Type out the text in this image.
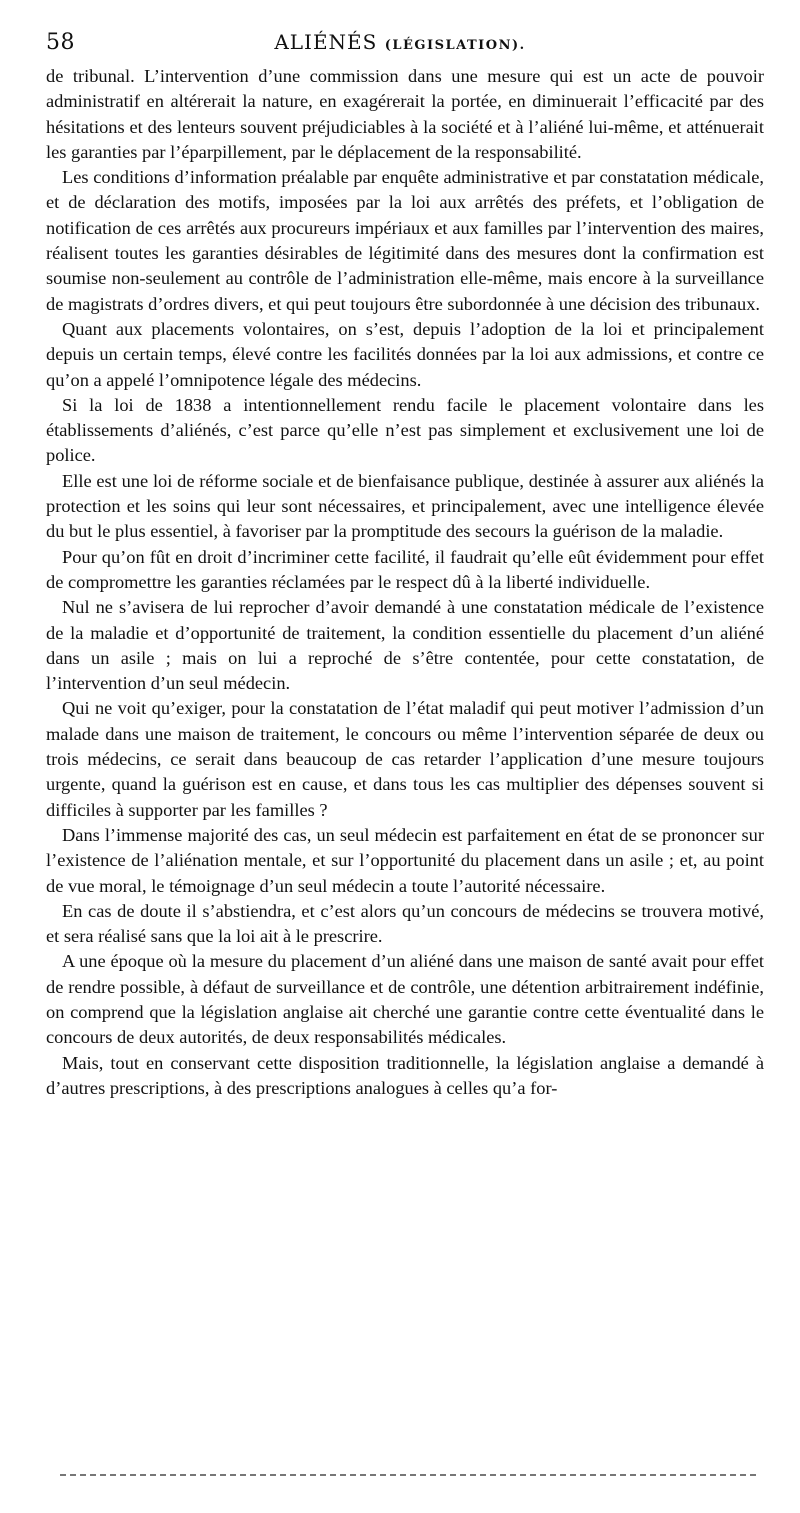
58	ALIÉNÉS (LÉGISLATION).

de tribunal. L’intervention d’une commission dans une mesure qui est un acte de pouvoir administratif en altérerait la nature, en exagérerait la portée, en diminuerait l’efficacité par des hésitations et des lenteurs souvent préjudiciables à la société et à l’aliéné lui-même, et atténuerait les garanties par l’éparpillement, par le déplacement de la responsabilité.

Les conditions d’information préalable par enquête administrative et par constatation médicale, et de déclaration des motifs, imposées par la loi aux arrêtés des préfets, et l’obligation de notification de ces arrêtés aux procureurs impériaux et aux familles par l’intervention des maires, réalisent toutes les garanties désirables de légitimité dans des mesures dont la confirmation est soumise non-seulement au contrôle de l’administration elle-même, mais encore à la surveillance de magistrats d’ordres divers, et qui peut toujours être subordonnée à une décision des tribunaux.

Quant aux placements volontaires, on s’est, depuis l’adoption de la loi et principalement depuis un certain temps, élevé contre les facilités données par la loi aux admissions, et contre ce qu’on a appelé l’omnipotence légale des médecins.

Si la loi de 1838 a intentionnellement rendu facile le placement volontaire dans les établissements d’aliénés, c’est parce qu’elle n’est pas simplement et exclusivement une loi de police.

Elle est une loi de réforme sociale et de bienfaisance publique, destinée à assurer aux aliénés la protection et les soins qui leur sont nécessaires, et principalement, avec une intelligence élevée du but le plus essentiel, à favoriser par la promptitude des secours la guérison de la maladie.

Pour qu’on fût en droit d’incriminer cette facilité, il faudrait qu’elle eût évidemment pour effet de compromettre les garanties réclamées par le respect dû à la liberté individuelle.

Nul ne s’avisera de lui reprocher d’avoir demandé à une constatation médicale de l’existence de la maladie et d’opportunité de traitement, la condition essentielle du placement d’un aliéné dans un asile ; mais on lui a reproché de s’être contentée, pour cette constatation, de l’intervention d’un seul médecin.

Qui ne voit qu’exiger, pour la constatation de l’état maladif qui peut motiver l’admission d’un malade dans une maison de traitement, le concours ou même l’intervention séparée de deux ou trois médecins, ce serait dans beaucoup de cas retarder l’application d’une mesure toujours urgente, quand la guérison est en cause, et dans tous les cas multiplier des dépenses souvent si difficiles à supporter par les familles ?

Dans l’immense majorité des cas, un seul médecin est parfaitement en état de se prononcer sur l’existence de l’aliénation mentale, et sur l’opportunité du placement dans un asile ; et, au point de vue moral, le témoignage d’un seul médecin a toute l’autorité nécessaire.

En cas de doute il s’abstiendra, et c’est alors qu’un concours de médecins se trouvera motivé, et sera réalisé sans que la loi ait à le prescrire.

A une époque où la mesure du placement d’un aliéné dans une maison de santé avait pour effet de rendre possible, à défaut de surveillance et de contrôle, une détention arbitrairement indéfinie, on comprend que la législation anglaise ait cherché une garantie contre cette éventualité dans le concours de deux autorités, de deux responsabilités médicales.

Mais, tout en conservant cette disposition traditionnelle, la législation anglaise a demandé à d’autres prescriptions, à des prescriptions analogues à celles qu’a for-
